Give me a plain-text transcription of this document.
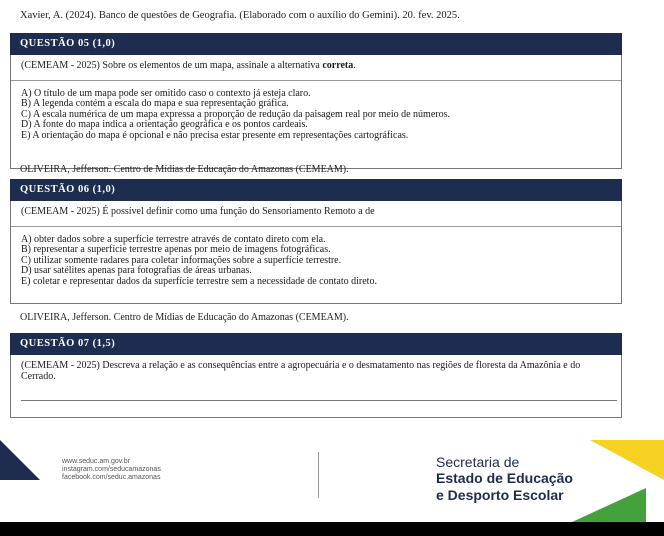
Xavier, A. (2024). Banco de questões de Geografia. (Elaborado com o auxílio do Gemini). 20. fev. 2025.
QUESTÃO 05 (1,0)
(CEMEAM - 2025) Sobre os elementos de um mapa, assinale a alternativa correta.
A) O título de um mapa pode ser omitido caso o contexto já esteja claro.
B) A legenda contém a escala do mapa e sua representação gráfica.
C) A escala numérica de um mapa expressa a proporção de redução da paisagem real por meio de números.
D) A fonte do mapa indica a orientação geográfica e os pontos cardeais.
E) A orientação do mapa é opcional e não precisa estar presente em representações cartográficas.
OLIVEIRA, Jefferson. Centro de Mídias de Educação do Amazonas (CEMEAM).
QUESTÃO 06 (1,0)
(CEMEAM - 2025) É possível definir como uma função do Sensoriamento Remoto a de
A) obter dados sobre a superfície terrestre através de contato direto com ela.
B) representar a superfície terrestre apenas por meio de imagens fotográficas.
C) utilizar somente radares para coletar informações sobre a superfície terrestre.
D) usar satélites apenas para fotografias de áreas urbanas.
E) coletar e representar dados da superfície terrestre sem a necessidade de contato direto.
OLIVEIRA, Jefferson. Centro de Mídias de Educação do Amazonas (CEMEAM).
QUESTÃO 07 (1,5)
(CEMEAM - 2025) Descreva a relação e as consequências entre a agropecuária e o desmatamento nas regiões de floresta da Amazônia e do Cerrado.
www.seduc.am.gov.br
instagram.com/seducamazonas
facebook.com/seduc.amazonas
Secretaria de
Estado de Educação
e Desporto Escolar
